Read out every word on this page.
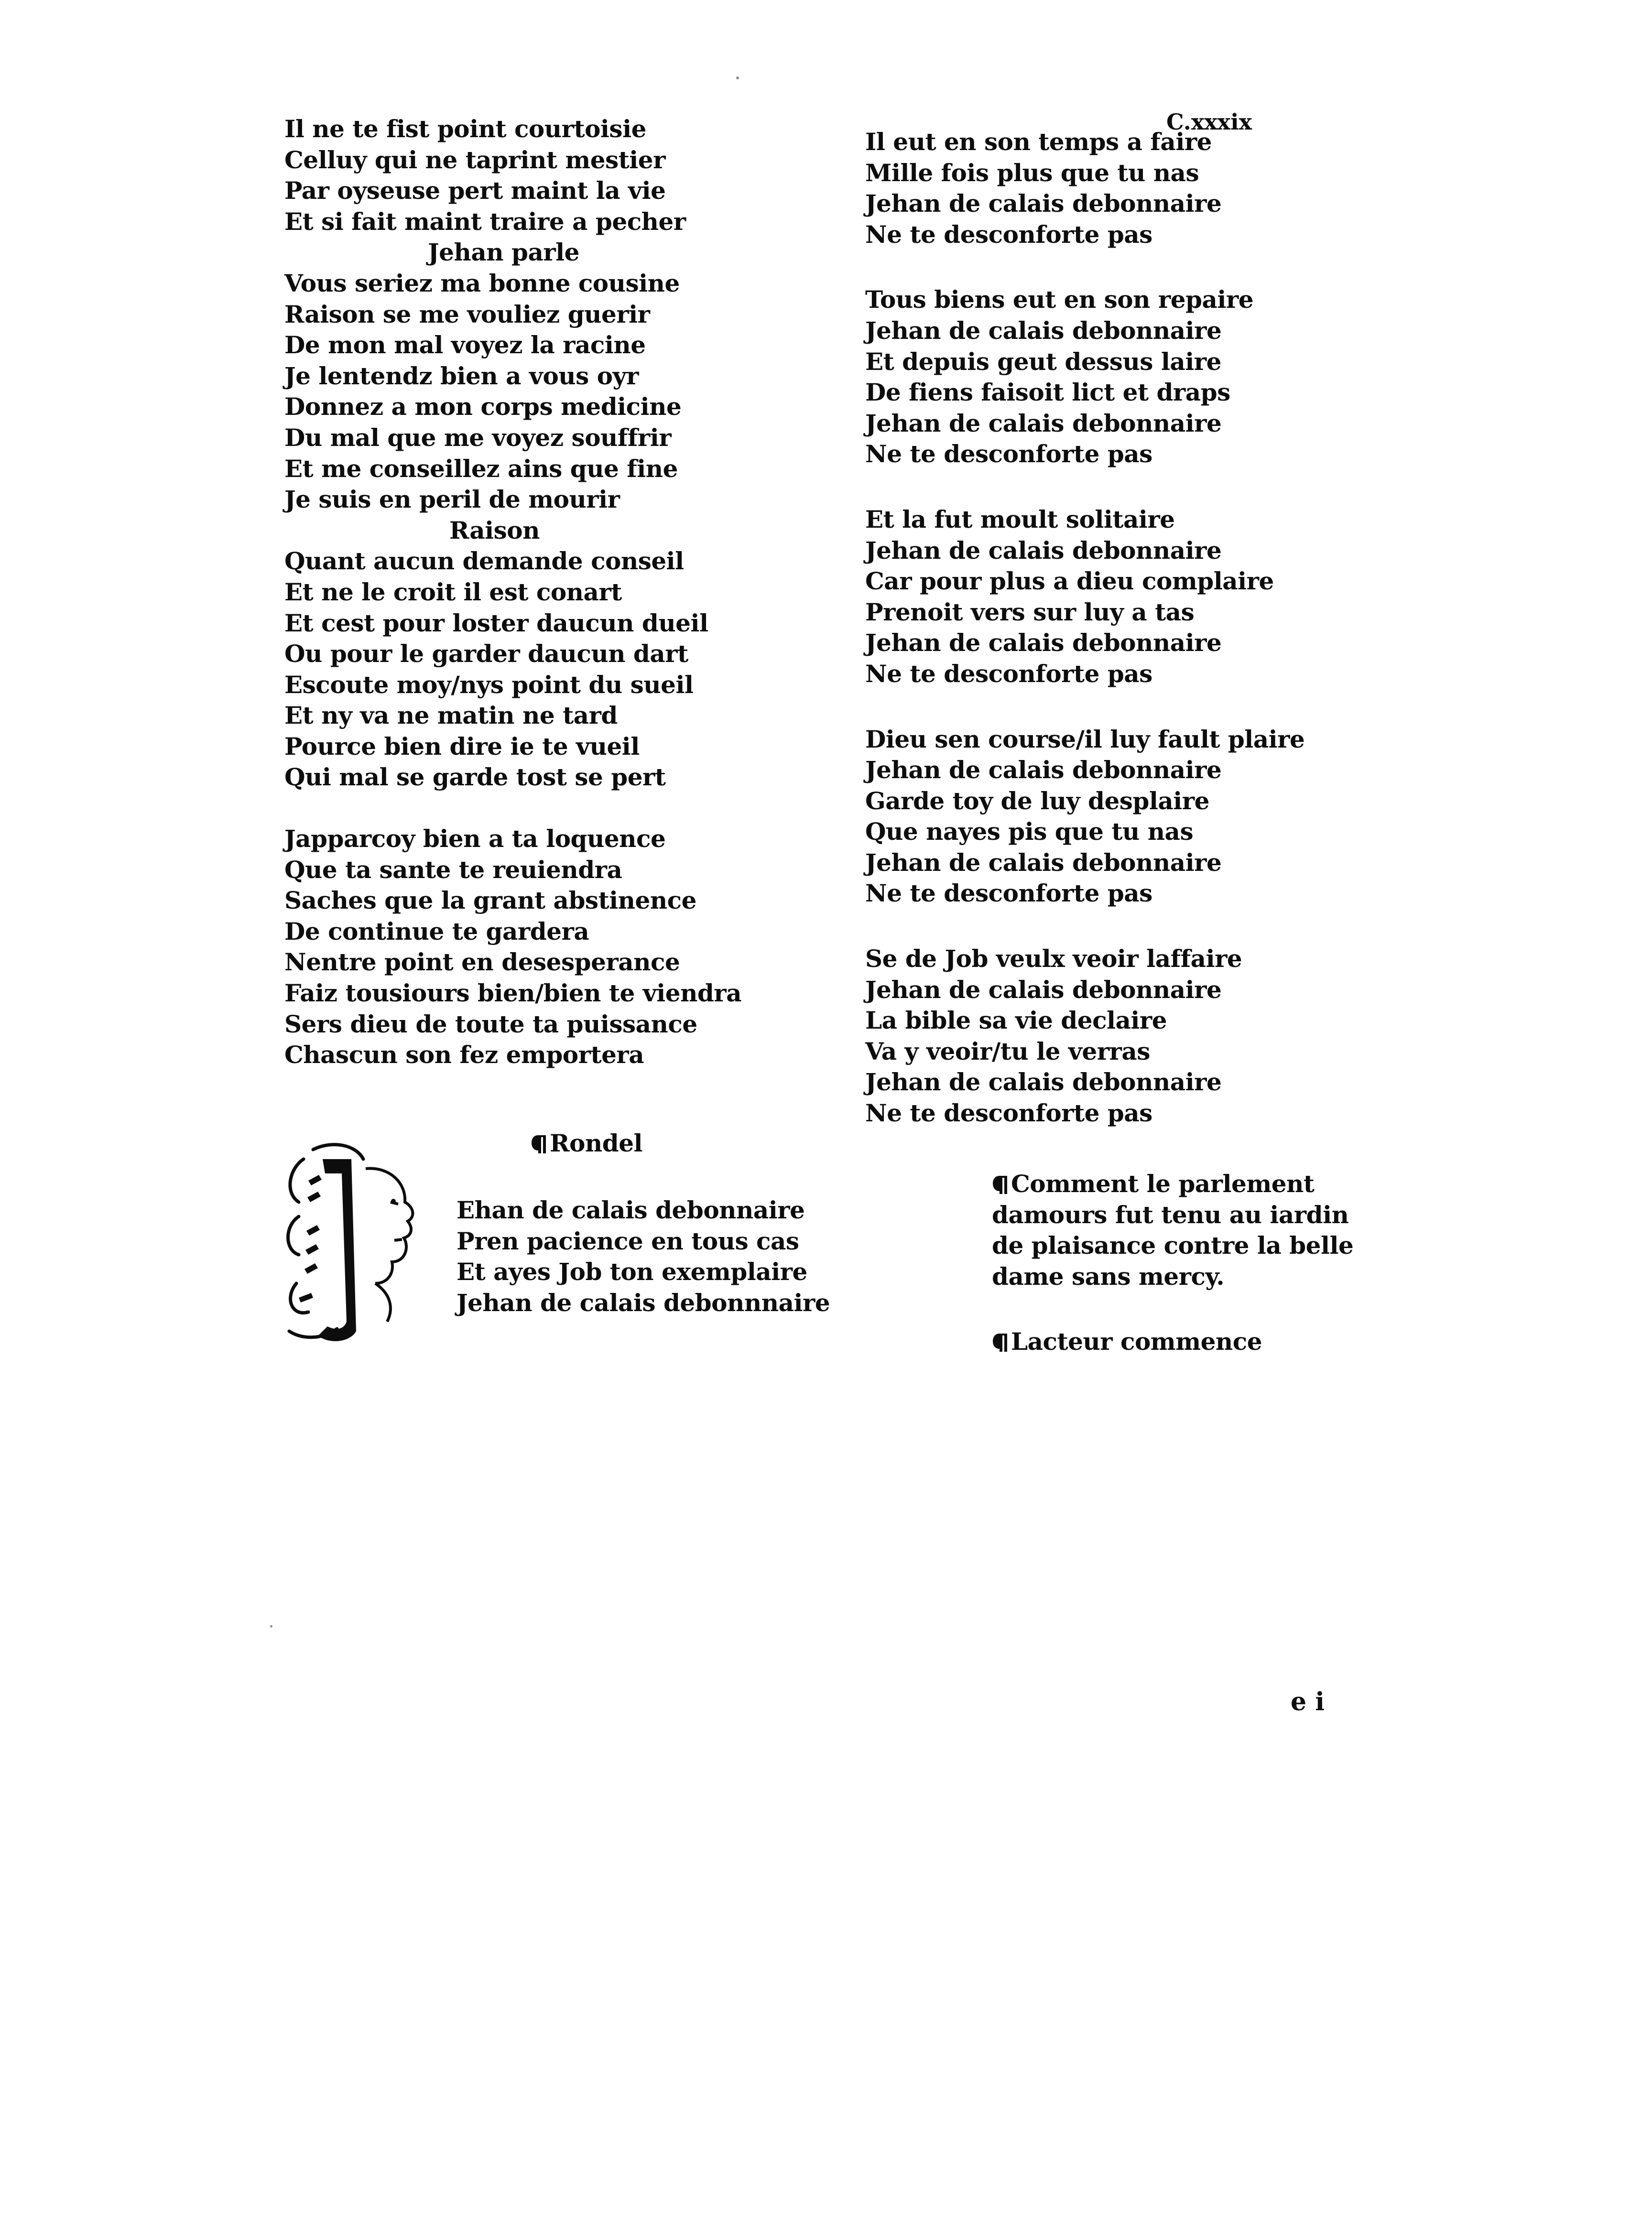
C.xxxix
Il ne te fist point courtoisie
Celluy qui ne taprint mestier
Par oyseuse pert maint la vie
Et si fait maint traire a pecher
Jehan parle
Vous seriez ma bonne cousine
Raison se me vouliez guerir
De mon mal voyez la racine
Je lentendz bien a vous oyr
Donnez a mon corps medicine
Du mal que me voyez souffrir
Et me conseillez ains que fine
Je suis en peril de mourir
Raison
Quant aucun demande conseil
Et ne le croit il est conart
Et cest pour loster daucun dueil
Ou pour le garder daucun dart
Escoute moy/nys point du sueil
Et ny va ne matin ne tard
Pource bien dire ie te vueil
Qui mal se garde tost se pert
Japparcoy bien a ta loquence
Que ta sante te reuiendra
Saches que la grant abstinence
De continue te gardera
Nentre point en desesperance
Faiz tousiours bien/bien te viendra
Sers dieu de toute ta puissance
Chascun son fez emportera
Rondel
Ehan de calais debonnaire
Pren pacience en tous cas
Et ayes Job ton exemplaire
Jehan de calais debonnnaire
Il eut en son temps a faire
Mille fois plus que tu nas
Jehan de calais debonnaire
Ne te desconforte pas
Tous biens eut en son repaire
Jehan de calais debonnaire
Et depuis geut dessus laire
De fiens faisoit lict et draps
Jehan de calais debonnaire
Ne te desconforte pas
Et la fut moult solitaire
Jehan de calais debonnaire
Car pour plus a dieu complaire
Prenoit vers sur luy a tas
Jehan de calais debonnaire
Ne te desconforte pas
Dieu sen course/il luy fault plaire
Jehan de calais debonnaire
Garde toy de luy desplaire
Que nayes pis que tu nas
Jehan de calais debonnaire
Ne te desconforte pas
Se de Job veulx veoir laffaire
Jehan de calais debonnaire
La bible sa vie declaire
Va y veoir/tu le verras
Jehan de calais debonnaire
Ne te desconforte pas
Comment le parlement
damours fut tenu au iardin
de plaisance contre la belle
dame sans mercy.
Lacteur commence
e i
